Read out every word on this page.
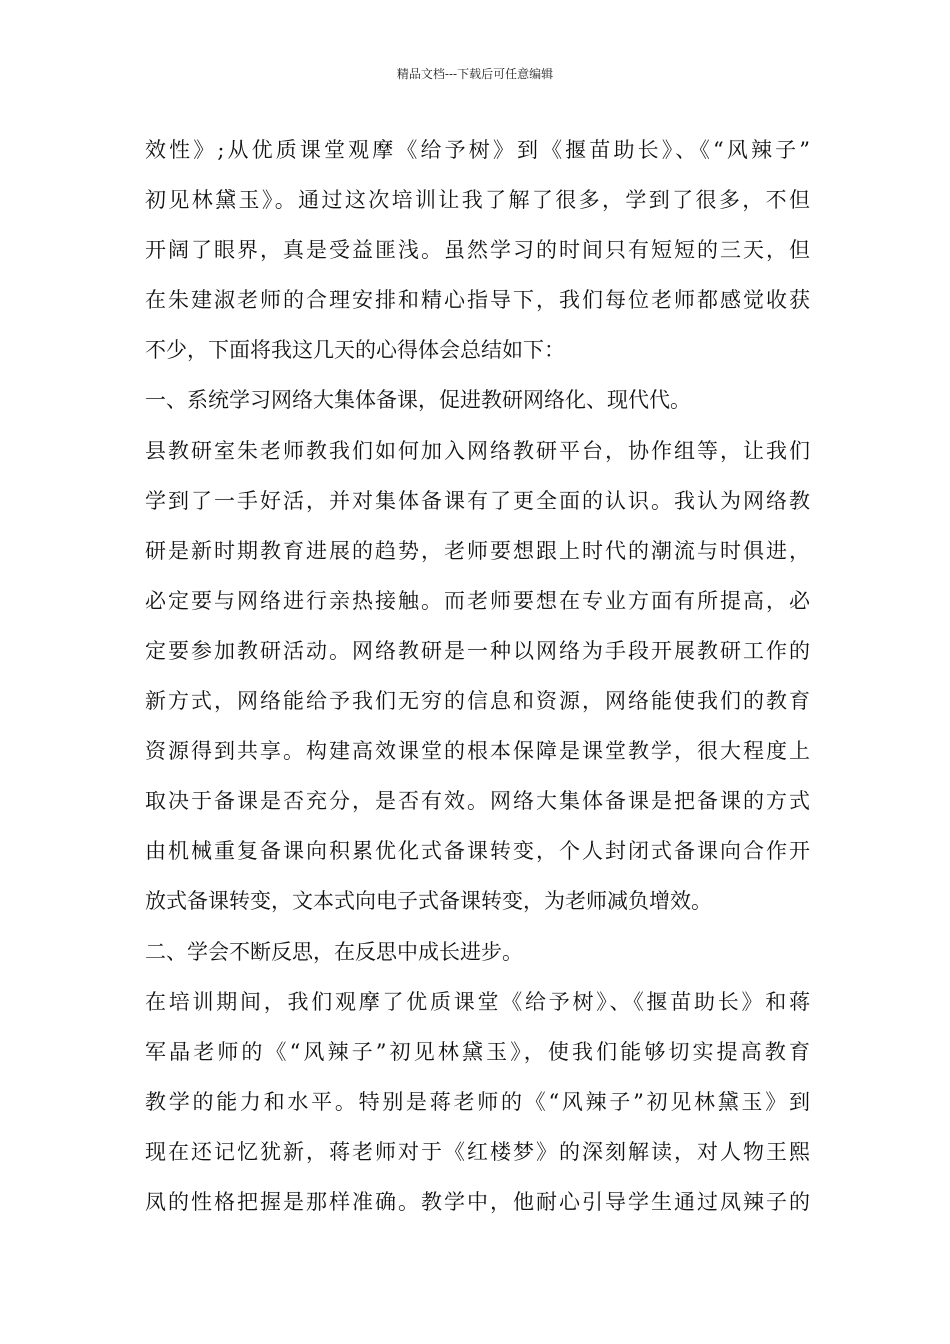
精品文档---下载后可任意编辑
效性》;从优质课堂观摩《给予树》到《揠苗助长》、《“风辣子”
初见林黛玉》。通过这次培训让我了解了很多，学到了很多，不但
开阔了眼界，真是受益匪浅。虽然学习的时间只有短短的三天，但
在朱建淑老师的合理安排和精心指导下，我们每位老师都感觉收获
不少，下面将我这几天的心得体会总结如下：
一、系统学习网络大集体备课，促进教研网络化、现代代。
县教研室朱老师教我们如何加入网络教研平台，协作组等，让我们
学到了一手好活，并对集体备课有了更全面的认识。我认为网络教
研是新时期教育进展的趋势，老师要想跟上时代的潮流与时俱进，
必定要与网络进行亲热接触。而老师要想在专业方面有所提高，必
定要参加教研活动。网络教研是一种以网络为手段开展教研工作的
新方式，网络能给予我们无穷的信息和资源，网络能使我们的教育
资源得到共享。构建高效课堂的根本保障是课堂教学，很大程度上
取决于备课是否充分，是否有效。网络大集体备课是把备课的方式
由机械重复备课向积累优化式备课转变，个人封闭式备课向合作开
放式备课转变，文本式向电子式备课转变，为老师减负增效。
二、学会不断反思，在反思中成长进步。
在培训期间，我们观摩了优质课堂《给予树》、《揠苗助长》和蒋
军晶老师的《“风辣子”初见林黛玉》，使我们能够切实提高教育
教学的能力和水平。特别是蒋老师的《“风辣子”初见林黛玉》到
现在还记忆犹新，蒋老师对于《红楼梦》的深刻解读，对人物王熙
凤的性格把握是那样准确。教学中，他耐心引导学生通过凤辣子的
